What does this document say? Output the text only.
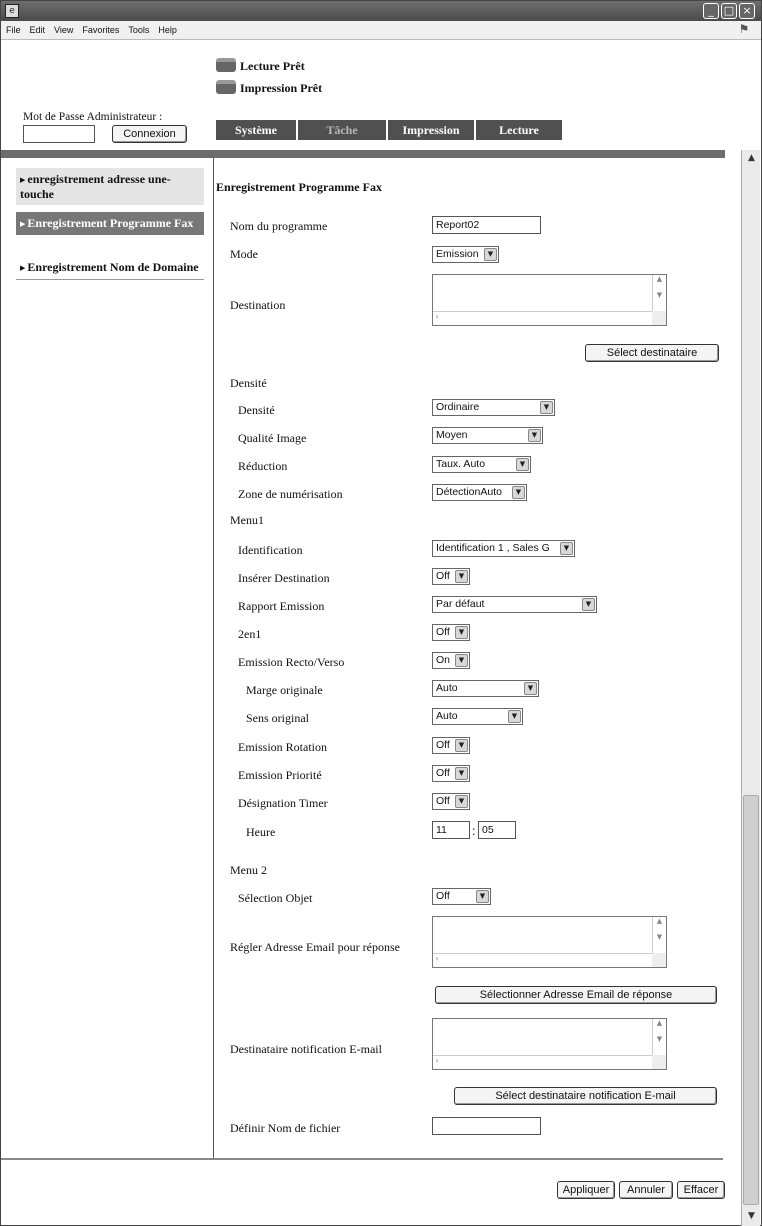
e	_ □ ×
File Edit View Favorites Tools Help	⚑
Lecture Prêt
Impression Prêt
Mot de Passe Administrateur :
Connexion	Système	Tâche	Impression	Lecture
▶ enregistrement adresse une-touche
▶ Enregistrement Programme Fax
▶ Enregistrement Nom de Domaine
Enregistrement Programme Fax
Nom du programme	Report02
Mode	Emission	▼
Destination
▲

▼
‹
Sélect destinataire
Densité
Densité	Ordinaire	▼
Qualité Image	Moyen	▼
Réduction	Taux. Auto	▼
Zone de numérisation	DétectionAuto	▼
Menu1
Identification	Identification 1 , Sales G	▼
Insérer Destination	Off	▼
Rapport Emission	Par défaut	▼
2en1	Off	▼
Emission Recto/Verso	On	▼
Marge originale	Auto	▼
Sens original	Auto	▼
Emission Rotation	Off	▼
Emission Priorité	Off	▼
Désignation Timer	Off	▼
Heure	11	: 05
Menu 2
Sélection Objet	Off	▼
Régler Adresse Email pour réponse
▲

▼
‹
Sélectionner Adresse Email de réponse
Destinataire notification E-mail
▲

▼
‹
Sélect destinataire notification E-mail
Définir Nom de fichier
Appliquer	Annuler	Effacer
▲
▼
